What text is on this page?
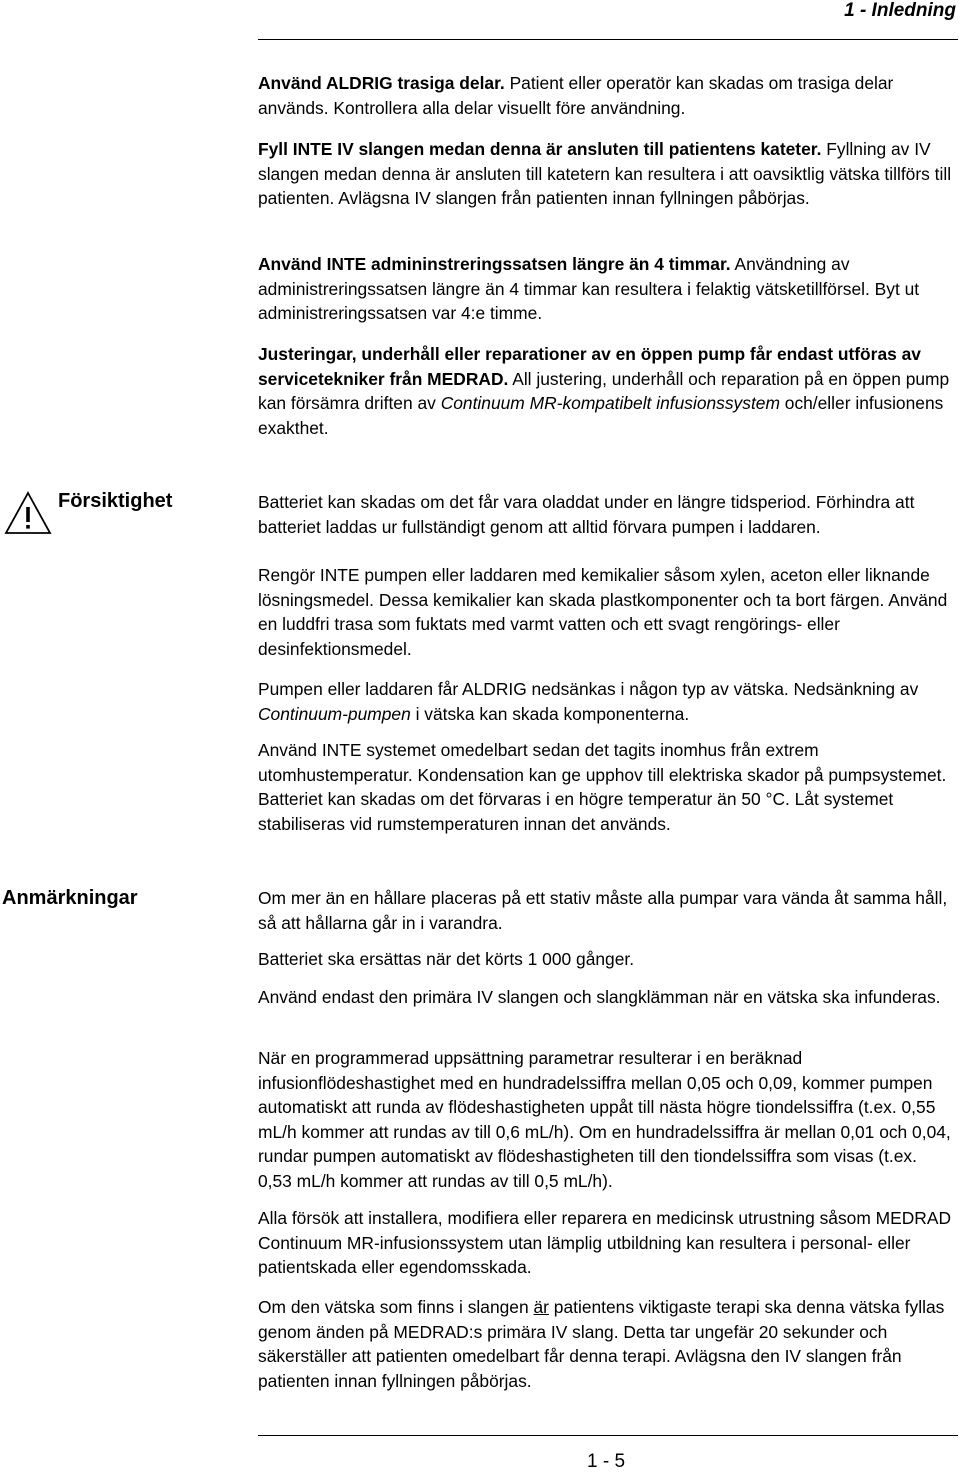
1 - Inledning

Använd ALDRIG trasiga delar. Patient eller operatör kan skadas om trasiga delar används. Kontrollera alla delar visuellt före användning.

Fyll INTE IV slangen medan denna är ansluten till patientens kateter. Fyllning av IV slangen medan denna är ansluten till katetern kan resultera i att oavsiktlig vätska tillförs till patienten. Avlägsna IV slangen från patienten innan fyllningen påbörjas.

Använd INTE admininstreringssatsen längre än 4 timmar. Användning av administreringssatsen längre än 4 timmar kan resultera i felaktig vätsketillförsel. Byt ut administreringssatsen var 4:e timme.

Justeringar, underhåll eller reparationer av en öppen pump får endast utföras av servicetekniker från MEDRAD. All justering, underhåll och reparation på en öppen pump kan försämra driften av Continuum MR-kompatibelt infusionssystem och/eller infusionens exakthet.

Försiktighet	Batteriet kan skadas om det får vara oladdat under en längre tidsperiod. Förhindra att batteriet laddas ur fullständigt genom att alltid förvara pumpen i laddaren.

Rengör INTE pumpen eller laddaren med kemikalier såsom xylen, aceton eller liknande lösningsmedel. Dessa kemikalier kan skada plastkomponenter och ta bort färgen. Använd en luddfri trasa som fuktats med varmt vatten och ett svagt rengörings- eller desinfektionsmedel.

Pumpen eller laddaren får ALDRIG nedsänkas i någon typ av vätska. Nedsänkning av Continuum-pumpen i vätska kan skada komponenterna.

Använd INTE systemet omedelbart sedan det tagits inomhus från extrem utomhustemperatur. Kondensation kan ge upphov till elektriska skador på pumpsystemet. Batteriet kan skadas om det förvaras i en högre temperatur än 50 °C. Låt systemet stabiliseras vid rumstemperaturen innan det används.

Anmärkningar	Om mer än en hållare placeras på ett stativ måste alla pumpar vara vända åt samma håll, så att hållarna går in i varandra.

Batteriet ska ersättas när det körts 1 000 gånger.

Använd endast den primära IV slangen och slangklämman när en vätska ska infunderas.

När en programmerad uppsättning parametrar resulterar i en beräknad infusionflödeshastighet med en hundradelssiffra mellan 0,05 och 0,09, kommer pumpen automatiskt att runda av flödeshastigheten uppåt till nästa högre tiondelssiffra (t.ex. 0,55 mL/h kommer att rundas av till 0,6 mL/h). Om en hundradelssiffra är mellan 0,01 och 0,04, rundar pumpen automatiskt av flödeshastigheten till den tiondelssiffra som visas (t.ex. 0,53 mL/h kommer att rundas av till 0,5 mL/h).

Alla försök att installera, modifiera eller reparera en medicinsk utrustning såsom MEDRAD Continuum MR-infusionssystem utan lämplig utbildning kan resultera i personal- eller patientskada eller egendomsskada.

Om den vätska som finns i slangen är patientens viktigaste terapi ska denna vätska fyllas genom änden på MEDRAD:s primära IV slang. Detta tar ungefär 20 sekunder och säkerställer att patienten omedelbart får denna terapi. Avlägsna den IV slangen från patienten innan fyllningen påbörjas.

1 - 5
